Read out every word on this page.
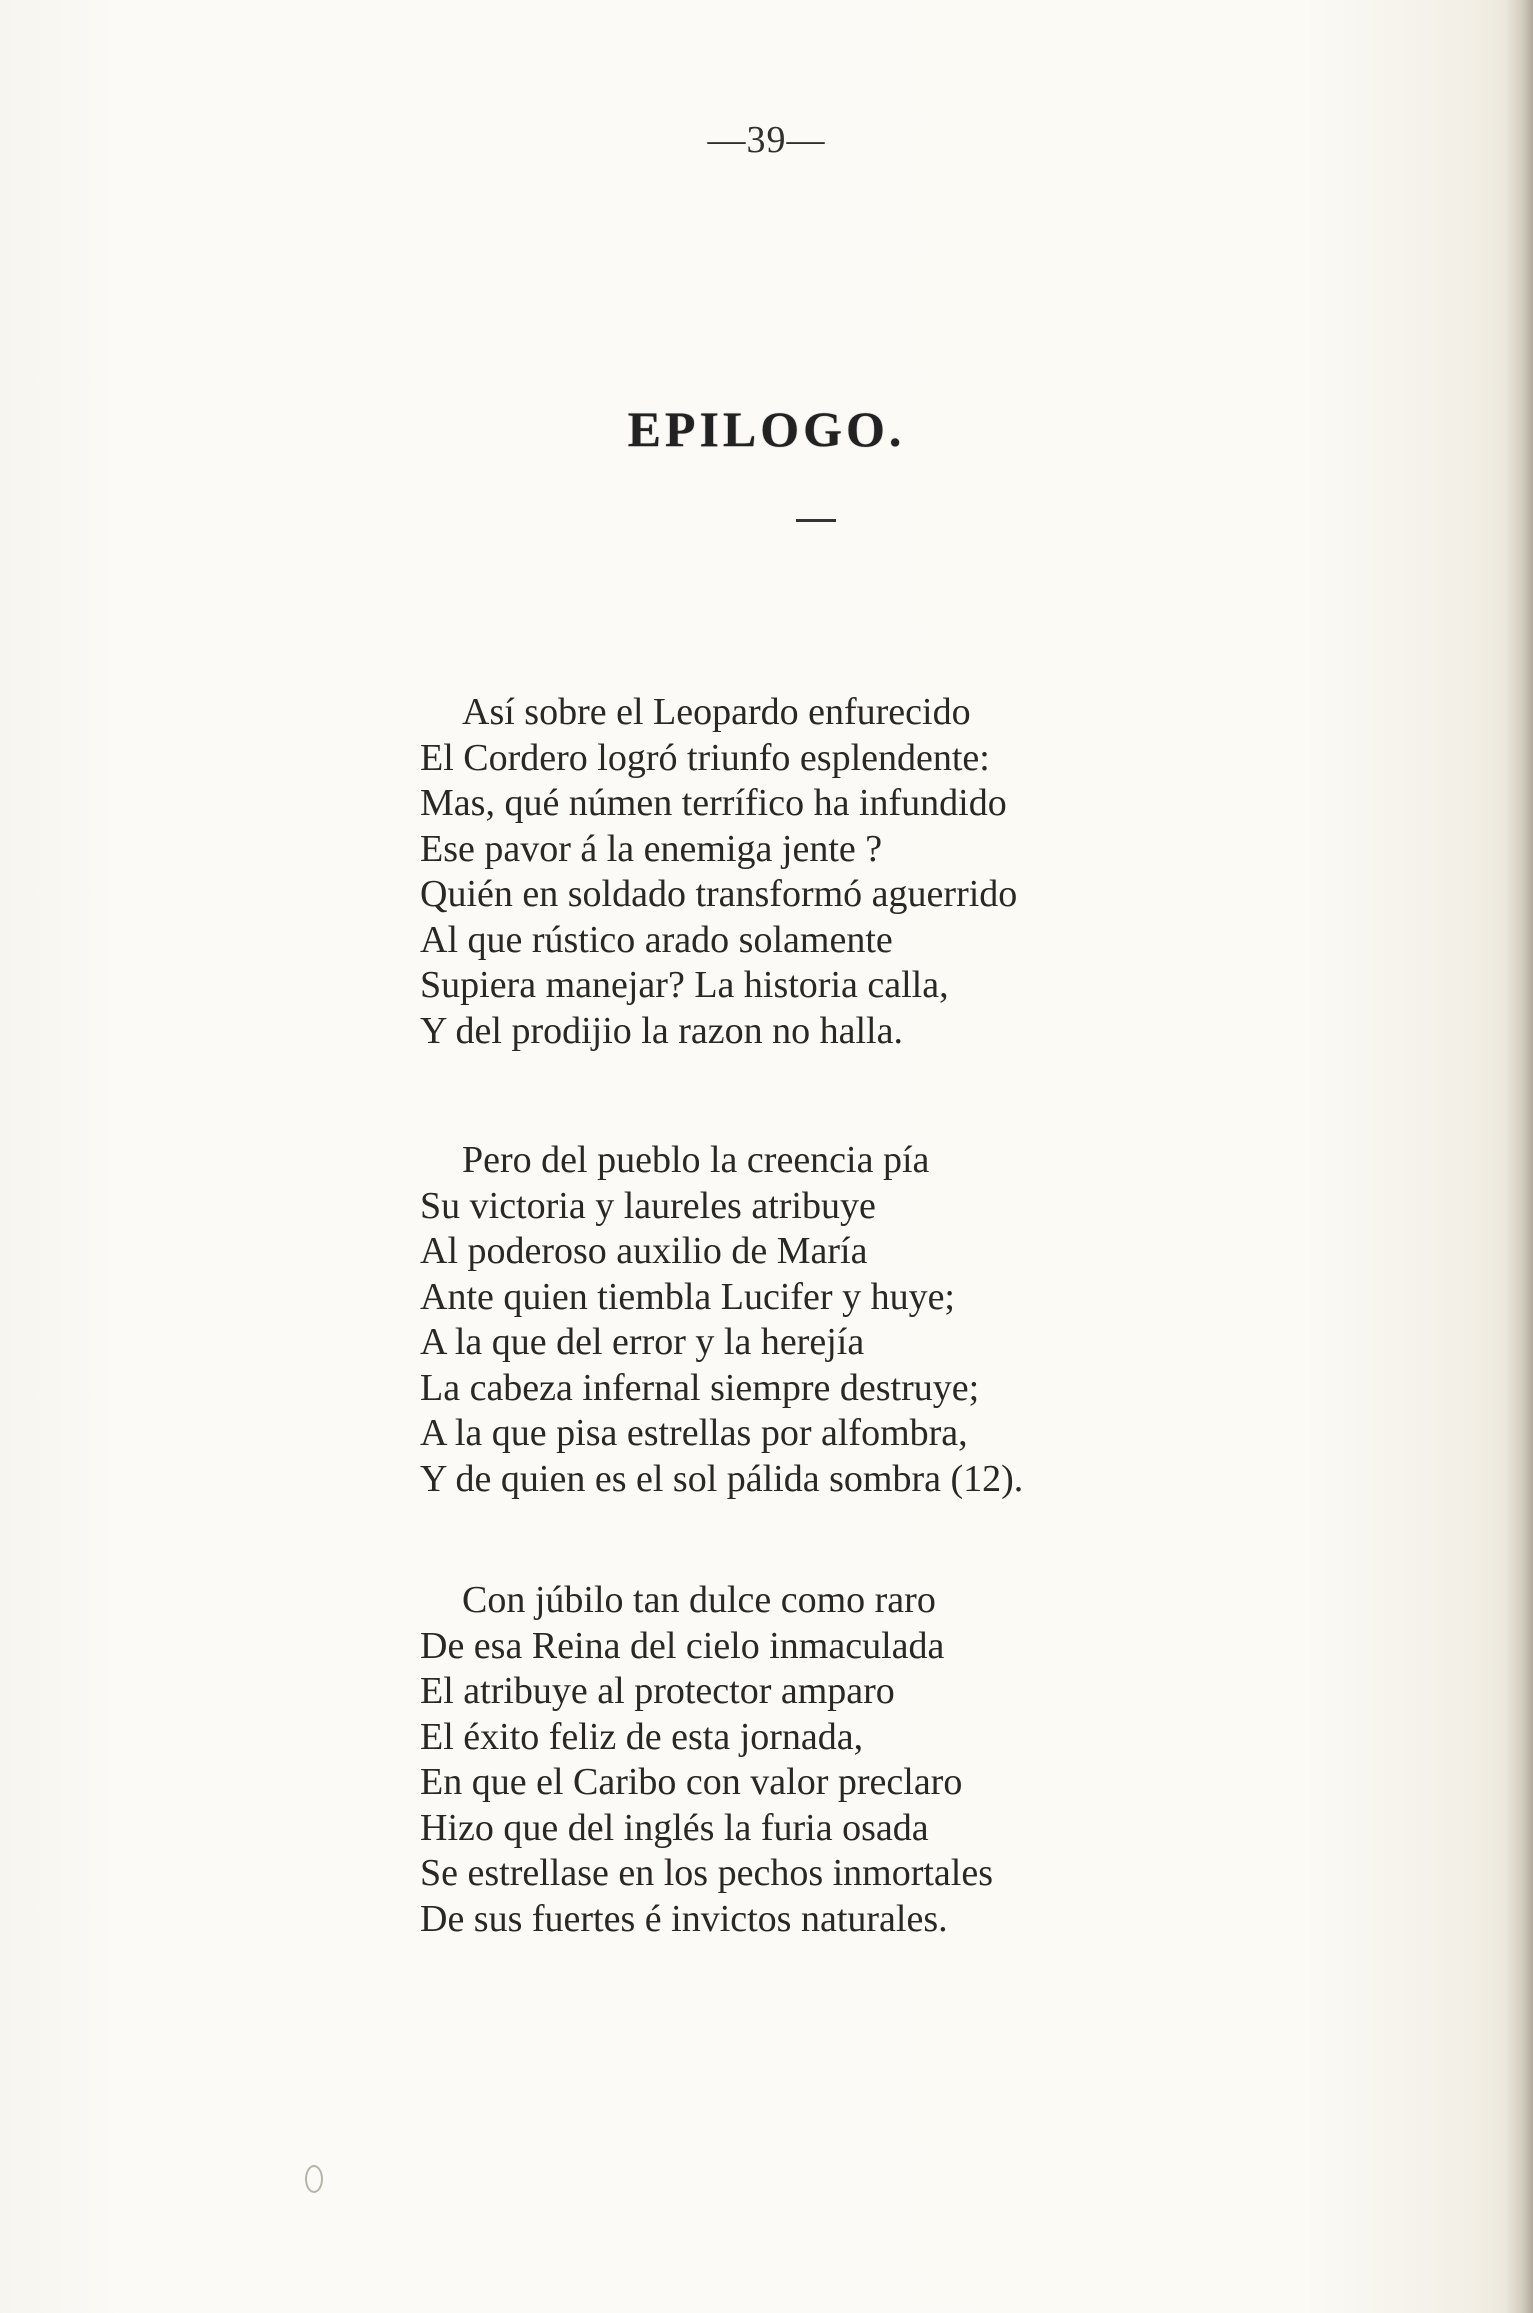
—39—
EPILOGO.
Así sobre el Leopardo enfurecido
El Cordero logró triunfo esplendente:
Mas, qué númen terrífico ha infundido
Ese pavor á la enemiga jente ?
Quién en soldado transformó aguerrido
Al que rústico arado solamente
Supiera manejar? La historia calla,
Y del prodijio la razon no halla.
Pero del pueblo la creencia pía
Su victoria y laureles atribuye
Al poderoso auxilio de María
Ante quien tiembla Lucifer y huye;
A la que del error y la herejía
La cabeza infernal siempre destruye;
A la que pisa estrellas por alfombra,
Y de quien es el sol pálida sombra (12).
Con júbilo tan dulce como raro
De esa Reina del cielo inmaculada
El atribuye al protector amparo
El éxito feliz de esta jornada,
En que el Caribo con valor preclaro
Hizo que del inglés la furia osada
Se estrellase en los pechos inmortales
De sus fuertes é invictos naturales.
